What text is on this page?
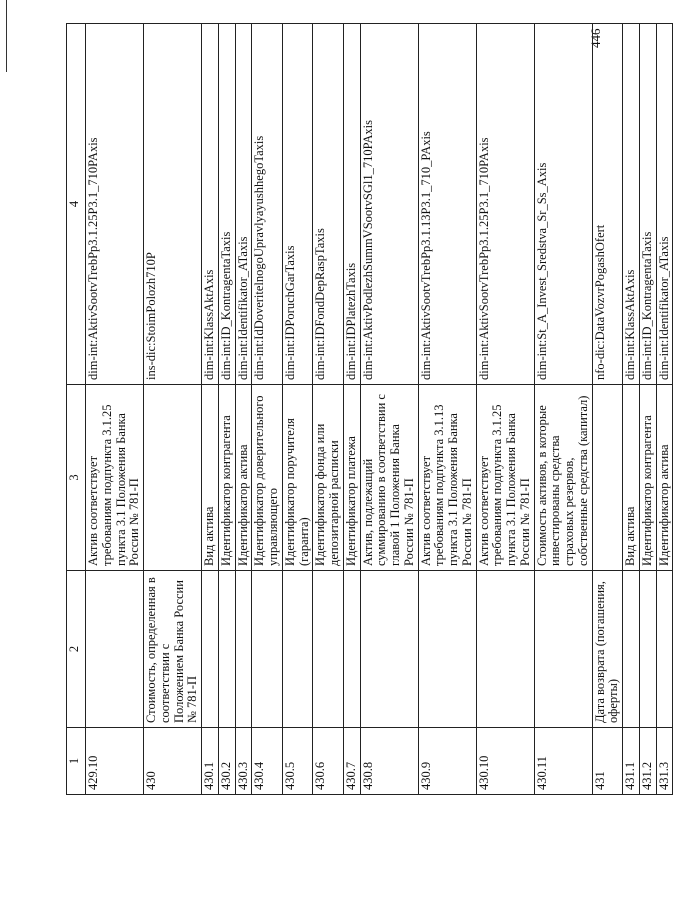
446
1	2	3	4
429.10		Актив соответствует требованиям подпункта 3.1.25 пункта 3.1 Положения Банка России № 781-П	dim-int:AktivSootvTrebPp3.1.25P3.1_710PAxis
430	Стоимость, определенная в соответствии с Положением Банка России № 781-П		ins-dic:StoimPolozh710P
430.1		Вид актива	dim-int:KlassAktAxis
430.2		Идентификатор контрагента	dim-int:ID_KontragentaTaxis
430.3		Идентификатор актива	dim-int:Identifikator_ATaxis
430.4		Идентификатор доверительного управляющего	dim-int:IdDoveritelnogoUpravlyayushhegoTaxis
430.5		Идентификатор поручителя (гаранта)	dim-int:IDPoruchGarTaxis
430.6		Идентификатор фонда или депозитарной расписки	dim-int:IDFondDepRaspTaxis
430.7		Идентификатор платежа	dim-int:IDPlatezhTaxis
430.8		Актив, подлежащий суммированию в соответствии с главой 1 Положения Банка России № 781-П	dim-int:AktivPodlezhSummVSootvSGl1_710PAxis
430.9		Актив соответствует требованиям подпункта 3.1.13 пункта 3.1 Положения Банка России № 781-П	dim-int:AktivSootvTrebPp3.1.13P3.1_710_PAxis
430.10		Актив соответствует требованиям подпункта 3.1.25 пункта 3.1 Положения Банка России № 781-П	dim-int:AktivSootvTrebPp3.1.25P3.1_710PAxis
430.11		Стоимость активов, в которые инвестированы средства страховых резервов, собственные средства (капитал)	dim-int:St_A_Invest_Sredstva_Sr_Ss_Axis
431	Дата возврата (погашения, оферты)		nfo-dic:DataVozvrPogashOfert
431.1		Вид актива	dim-int:KlassAktAxis
431.2		Идентификатор контрагента	dim-int:ID_KontragentaTaxis
431.3		Идентификатор актива	dim-int:Identifikator_ATaxis
